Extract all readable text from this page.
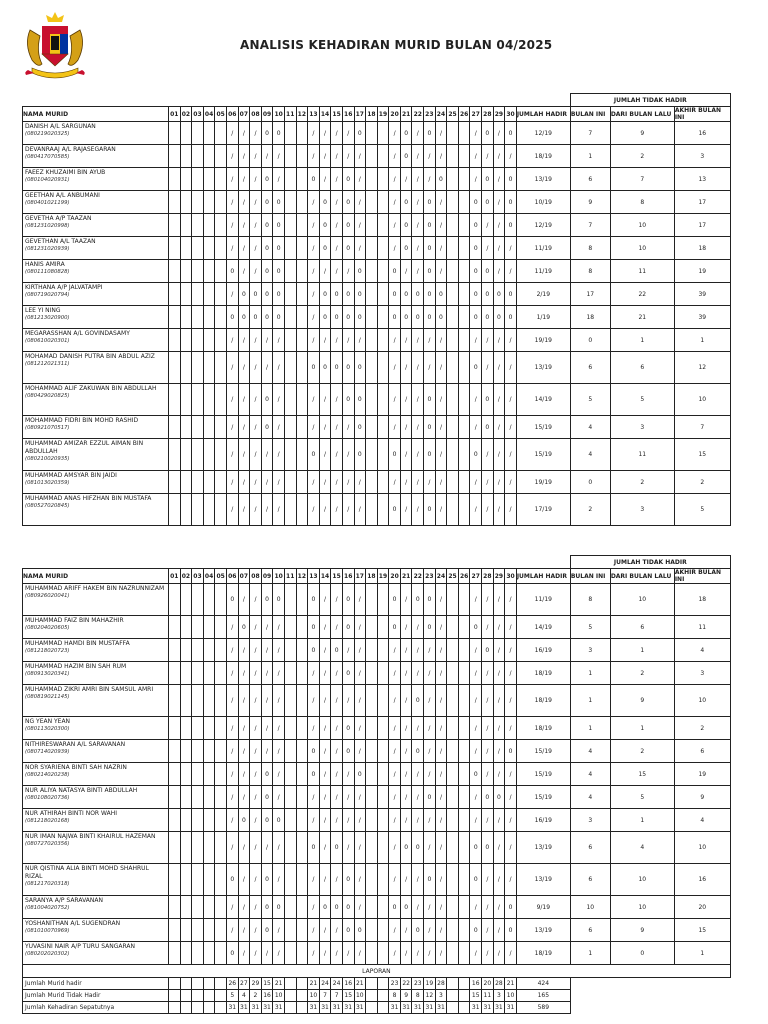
ANALISIS KEHADIRAN MURID BULAN 04/2025
																																JUMLAH TIDAK HADIR		
NAMA MURID	01	02	03	04	05	06	07	08	09	10	11	12	13	14	15	16	17	18	19	20	21	22	23	24	25	26	27	28	29	30	JUMLAH HADIR	BULAN INI	DARI BULAN LALU	AKHIR BULAN INI

DANISH A/L SARGUNAN
(080219020325)						/	/	/	0	0			/	/	/	/	0			/	0	/	0	/			/	0	/	0	12/19	7	9	16

DEVANRAAJ A/L RAJASEGARAN
(080417070585)						/	/	/	/	/			/	/	/	/	/			/	0	/	/	/			/	/	/	/	18/19	1	2	3

FAEEZ KHUZAIMI BIN AYUB
(080104020931)						/	/	/	0	/			0	/	/	0	/			/	/	/	/	0			/	0	/	0	13/19	6	7	13

GEETHAN A/L ANBUMANI
(080401021199)						/	/	/	0	0			/	0	/	0	/			/	0	/	0	/			0	0	/	0	10/19	9	8	17

GEVETHA A/P TAAZAN
(081231020998)						/	/	/	0	0			/	0	/	0	/			/	0	/	0	/			0	/	/	0	12/19	7	10	17

GEVETHAN A/L TAAZAN
(081231020939)						/	/	/	0	0			/	0	/	0	/			/	0	/	0	/			0	/	/	/	11/19	8	10	18

HANIS AMIRA
(080111080828)						0	/	/	0	0			/	/	/	/	0			0	/	/	0	/			0	0	/	/	11/19	8	11	19

KIRTHANA A/P JALVATAMPI
(080719020794)						/	0	0	0	0			/	0	0	0	0			0	0	0	0	0			0	0	0	0	2/19	17	22	39

LEE YI NING
(081213020900)						0	0	0	0	0			/	0	0	0	0			0	0	0	0	0			0	0	0	0	1/19	18	21	39

MEGARASSHAN A/L GOVINDASAMY
(080610020301)						/	/	/	/	/			/	/	/	/	/			/	/	/	/	/			/	/	/	/	19/19	0	1	1

MOHAMAD DANISH PUTRA BIN ABDUL AZIZ
(081212021311)						/	/	/	/	/			0	0	0	0	0			/	/	/	/	/			0	/	/	/	13/19	6	6	12

MOHAMMAD ALIF ZAKUWAN BIN ABDULLAH
(080429020825)						/	/	/	0	/			/	/	/	0	0			/	/	/	0	/			/	0	/	/	14/19	5	5	10

MOHAMMAD FIDRI BIN MOHD RASHID
(080921070517)						/	/	/	0	/			/	/	/	/	0			/	/	/	0	/			/	0	/	/	15/19	4	3	7

MUHAMMAD AMIZAR EZZUL AIMAN BIN ABDULLAH
(080210020935)						/	/	/	/	/			0	/	/	/	0			0	/	/	0	/			0	/	/	/	15/19	4	11	15

MUHAMMAD AMSYAR BIN JAIDI
(081013020359)						/	/	/	/	/			/	/	/	/	/			/	/	/	/	/			/	/	/	/	19/19	0	2	2

MUHAMMAD ANAS HIFZHAN BIN MUSTAFA
(080527020845)						/	/	/	/	/			/	/	/	/	/			0	/	/	0	/			/	/	/	/	17/19	2	3	5
																																JUMLAH TIDAK HADIR		
NAMA MURID	01	02	03	04	05	06	07	08	09	10	11	12	13	14	15	16	17	18	19	20	21	22	23	24	25	26	27	28	29	30	JUMLAH HADIR	BULAN INI	DARI BULAN LALU	AKHIR BULAN INI

MUHAMMAD ARIFF HAKEM BIN NAZRUNNIZAM
(080926020041)						0	/	/	0	0			0	/	/	0	/			0	/	0	0	/			/	/	/	/	11/19	8	10	18

MUHAMMAD FAIZ BIN MAHAZHIR
(080204020605)						/	0	/	/	/			0	/	/	0	/			0	/	/	0	/			0	/	/	/	14/19	5	6	11

MUHAMMAD HAMDI BIN MUSTAFFA
(081218020723)						/	/	/	/	/			0	/	0	/	/			/	/	/	/	/			/	0	/	/	16/19	3	1	4

MUHAMMAD HAZIM BIN SAH RUM
(080913020341)						/	/	/	/	/			/	/	/	0	/			/	/	/	/	/			/	/	/	/	18/19	1	2	3

MUHAMMAD ZIKRI AMRI BIN SAMSUL AMRI
(080819021145)						/	/	/	/	/			/	/	/	/	/			/	/	0	/	/			/	/	/	/	18/19	1	9	10

NG YEAN YEAN
(080113020300)						/	/	/	/	/			/	/	/	0	/			/	/	/	/	/			/	/	/	/	18/19	1	1	2

NITHIRESWARAN A/L SARAVANAN
(080714020939)						/	/	/	/	/			0	/	/	0	/			/	/	0	/	/			/	/	/	0	15/19	4	2	6

NOR SYARIENA BINTI SAH NAZRIN
(080214020238)						/	/	/	0	/			0	/	/	/	0			/	/	/	/	/			0	/	/	/	15/19	4	15	19

NUR ALIYA NATASYA BINTI ABDULLAH
(080108020736)						/	/	/	0	/			/	/	/	/	/			/	/	/	0	/			/	0	0	/	15/19	4	5	9

NUR ATHIRAH BINTI NOR WAHI
(081218020168)						/	0	/	0	0			/	/	/	/	/			/	/	/	/	/			/	/	/	/	16/19	3	1	4

NUR IMAN NAJWA BINTI KHAIRUL HAZEMAN
(080727020356)						/	/	/	/	/			0	/	0	/	/			/	0	0	/	/			0	0	/	/	13/19	6	4	10

NUR QISTINA ALIA BINTI MOHD SHAHRUL RIZAL
(081217020318)						0	/	/	0	/			/	/	/	0	/			/	/	/	0	/			0	/	/	/	13/19	6	10	16

SARANYA A/P SARAVANAN
(081004020752)						/	/	/	0	0			/	0	0	0	/			0	0	/	/	/			/	/	/	0	9/19	10	10	20

YOSHANITHAN A/L SUGENDRAN
(081010070969)						/	/	/	0	/			/	/	/	0	0			/	/	0	/	/			0	/	/	0	13/19	6	9	15

YUVASINI NAIR A/P TURU SANGARAN
(080202020302)						0	/	/	/	/			/	/	/	/	/			/	/	/	/	/			/	/	/	/	18/19	1	0	1
LAPORAN																																		
Jumlah Murid hadir						26	27	29	15	21			21	24	24	16	21			23	22	23	19	28			16	20	28	21	424			
Jumlah Murid Tidak Hadir						5	4	2	16	10			10	7	7	15	10			8	9	8	12	3			15	11	3	10	165			
Jumlah Kehadiran Sepatutnya						31	31	31	31	31			31	31	31	31	31			31	31	31	31	31			31	31	31	31	589			
